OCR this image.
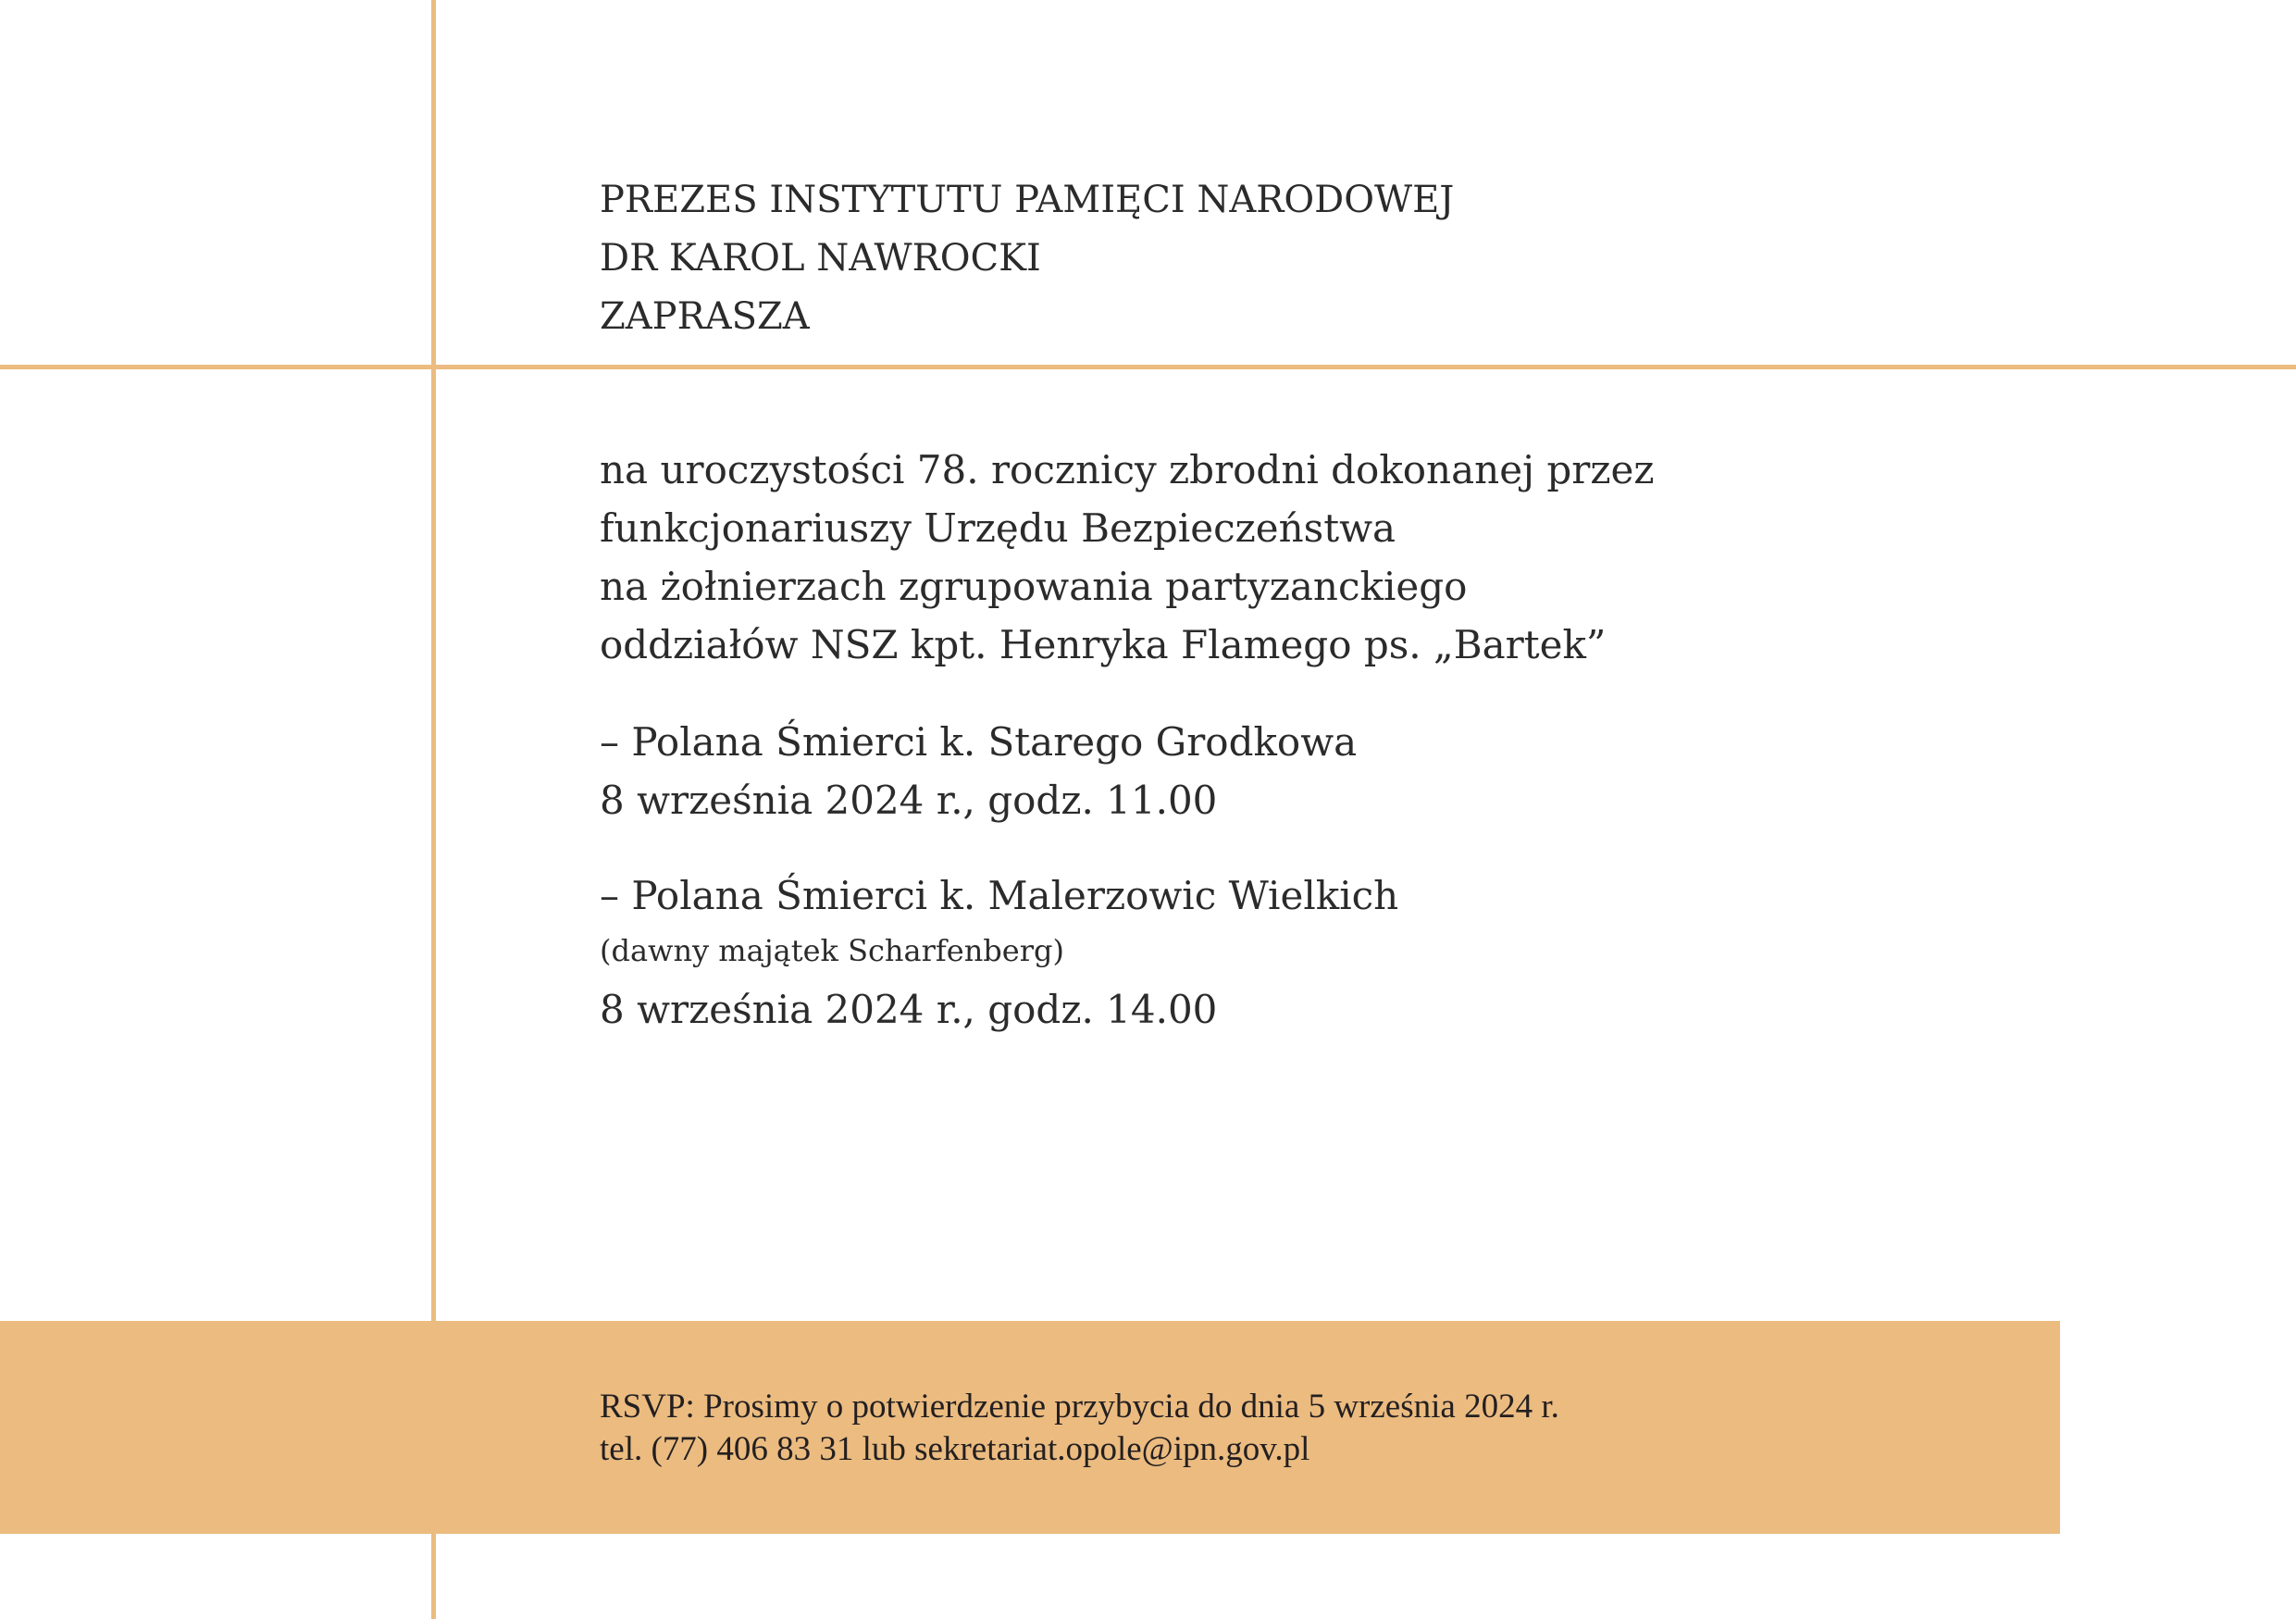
PREZES INSTYTUTU PAMIĘCI NARODOWEJ
DR KAROL NAWROCKI
ZAPRASZA
na uroczystości 78. rocznicy zbrodni dokonanej przez
funkcjonariuszy Urzędu Bezpieczeństwa
na żołnierzach zgrupowania partyzanckiego
oddziałów NSZ kpt. Henryka Flamego ps. „Bartek”
– Polana Śmierci k. Starego Grodkowa
8 września 2024 r., godz. 11.00
– Polana Śmierci k. Malerzowic Wielkich
(dawny majątek Scharfenberg)
8 września 2024 r., godz. 14.00
RSVP: Prosimy o potwierdzenie przybycia do dnia 5 września 2024 r.
tel. (77) 406 83 31 lub sekretariat.opole@ipn.gov.pl
